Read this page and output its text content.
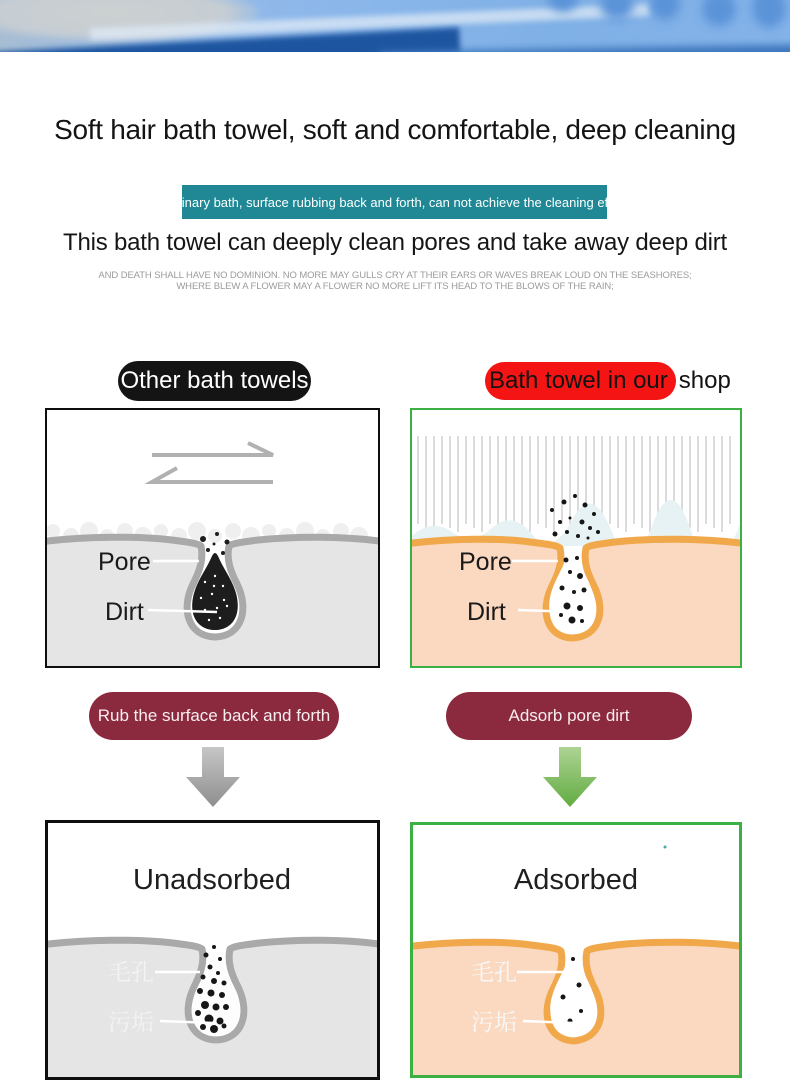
Soft hair bath towel, soft and comfortable, deep cleaning
Ordinary bath, surface rubbing back and forth, can not achieve the cleaning effect
This bath towel can deeply clean pores and take away deep dirt
AND DEATH SHALL HAVE NO DOMINION. NO MORE MAY GULLS CRY AT THEIR EARS OR WAVES BREAK LOUD ON THE SEASHORES;
WHERE BLEW A FLOWER MAY A FLOWER NO MORE LIFT ITS HEAD TO THE BLOWS OF THE RAIN;
Other bath towels	Bath towel in our shop
Pore
Dirt
Pore
Dirt
Rub the surface back and forth	Adsorb pore dirt
Unadsorbed
毛孔
污垢
Adsorbed
毛孔
污垢
